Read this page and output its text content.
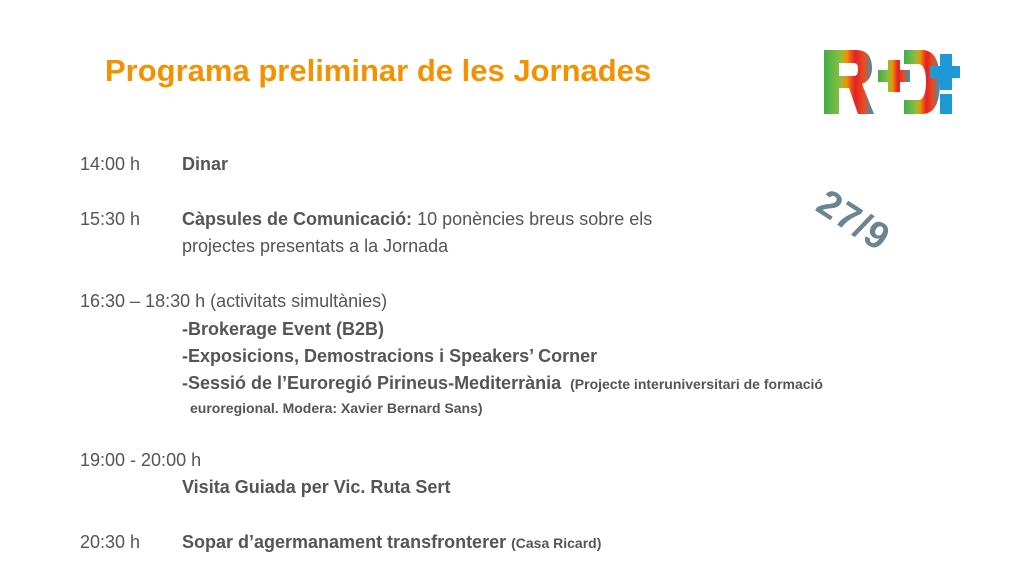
Programa preliminar de les Jornades
27/9
14:00 h Dinar
15:30 h Càpsules de Comunicació: 10 ponències breus sobre els
projectes presentats a la Jornada
16:30 – 18:30 h (activitats simultànies)
-Brokerage Event (B2B)
-Exposicions, Demostracions i Speakers’ Corner
-Sessió de l’Euroregió Pirineus-Mediterrània (Projecte interuniversitari de formació
euroregional. Modera: Xavier Bernard Sans)
19:00 - 20:00 h
Visita Guiada per Vic. Ruta Sert
20:30 h Sopar d’agermanament transfronterer (Casa Ricard)
